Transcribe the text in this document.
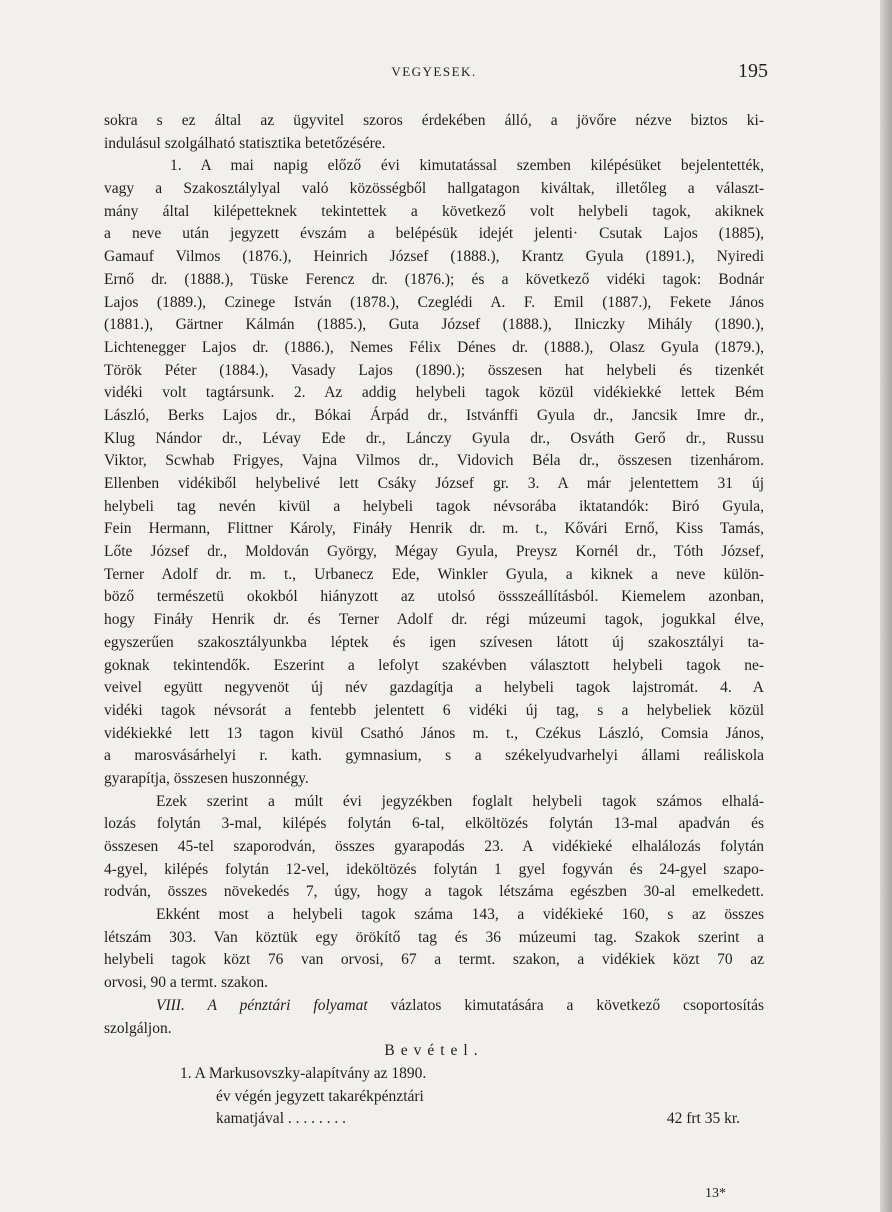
VEGYESEK.	195
sokra s ez által az ügyvitel szoros érdekében álló, a jövőre nézve biztos ki-
indulásul szolgálható statisztika betetőzésére.
1. A mai napig előző évi kimutatással szemben kilépésüket bejelentették,
vagy a Szakosztálylyal való közösségből hallgatagon kiváltak, illetőleg a választ-
mány által kilépetteknek tekintettek a következő volt helybeli tagok, akiknek
a neve után jegyzett évszám a belépésük idejét jelenti· Csutak Lajos (1885),
Gamauf Vilmos (1876.), Heinrich József (1888.), Krantz Gyula (1891.), Nyiredi
Ernő dr. (1888.), Tüske Ferencz dr. (1876.); és a következő vidéki tagok: Bodnár
Lajos (1889.), Czinege István (1878.), Czeglédi A. F. Emil (1887.), Fekete János
(1881.), Gärtner Kálmán (1885.), Guta József (1888.), Ilniczky Mihály (1890.),
Lichtenegger Lajos dr. (1886.), Nemes Félix Dénes dr. (1888.), Olasz Gyula (1879.),
Török Péter (1884.), Vasady Lajos (1890.); összesen hat helybeli és tizenkét
vidéki volt tagtársunk. 2. Az addig helybeli tagok közül vidékiekké lettek Bém
László, Berks Lajos dr., Bókai Árpád dr., Istvánffi Gyula dr., Jancsik Imre dr.,
Klug Nándor dr., Lévay Ede dr., Lánczy Gyula dr., Osváth Gerő dr., Russu
Viktor, Scwhab Frigyes, Vajna Vilmos dr., Vidovich Béla dr., összesen tizenhárom.
Ellenben vidékiből helybelivé lett Csáky József gr. 3. A már jelentettem 31 új
helybeli tag nevén kivül a helybeli tagok névsorába iktatandók: Biró Gyula,
Fein Hermann, Flittner Károly, Fináły Henrik dr. m. t., Kővári Ernő, Kiss Tamás,
Lőte József dr., Moldován György, Mégay Gyula, Preysz Kornél dr., Tóth József,
Terner Adolf dr. m. t., Urbanecz Ede, Winkler Gyula, a kiknek a neve külön-
böző természetü okokból hiányzott az utolsó össszeállításból. Kiemelem azonban,
hogy Fináły Henrik dr. és Terner Adolf dr. régi múzeumi tagok, jogukkal élve,
egyszerűen szakosztályunkba léptek és igen szívesen látott új szakosztályi ta-
goknak tekintendők. Eszerint a lefolyt szakévben választott helybeli tagok ne-
veivel együtt negyvenöt új név gazdagítja a helybeli tagok lajstromát. 4. A
vidéki tagok névsorát a fentebb jelentett 6 vidéki új tag, s a helybeliek közül
vidékiekké lett 13 tagon kivül Csathó János m. t., Czékus László, Comsia János,
a marosvásárhelyi r. kath. gymnasium, s a székelyudvarhelyi állami reáliskola
gyarapítja, összesen huszonnégy.
Ezek szerint a múlt évi jegyzékben foglalt helybeli tagok számos elhalá-
lozás folytán 3-mal, kilépés folytán 6-tal, elköltözés folytán 13-mal apadván és
összesen 45-tel szaporodván, összes gyarapodás 23. A vidékieké elhalálozás folytán
4-gyel, kilépés folytán 12-vel, ideköltözés folytán 1 gyel fogyván és 24-gyel szapo-
rodván, összes növekedés 7, úgy, hogy a tagok létszáma egészben 30-al emelkedett.
Ekként most a helybeli tagok száma 143, a vidékieké 160, s az összes
létszám 303. Van köztük egy örökítő tag és 36 múzeumi tag. Szakok szerint a
helybeli tagok közt 76 van orvosi, 67 a termt. szakon, a vidékiek közt 70 az
orvosi, 90 a termt. szakon.
VIII. A pénztári folyamat vázlatos kimutatására a következő csoportosítás
szolgáljon.
Bevétel.
1. A Markusovszky-alapítvány az 1890.
év végén jegyzett takarékpénztári
kamatjával . . . . . . . .	42 frt 35 kr.
13*
